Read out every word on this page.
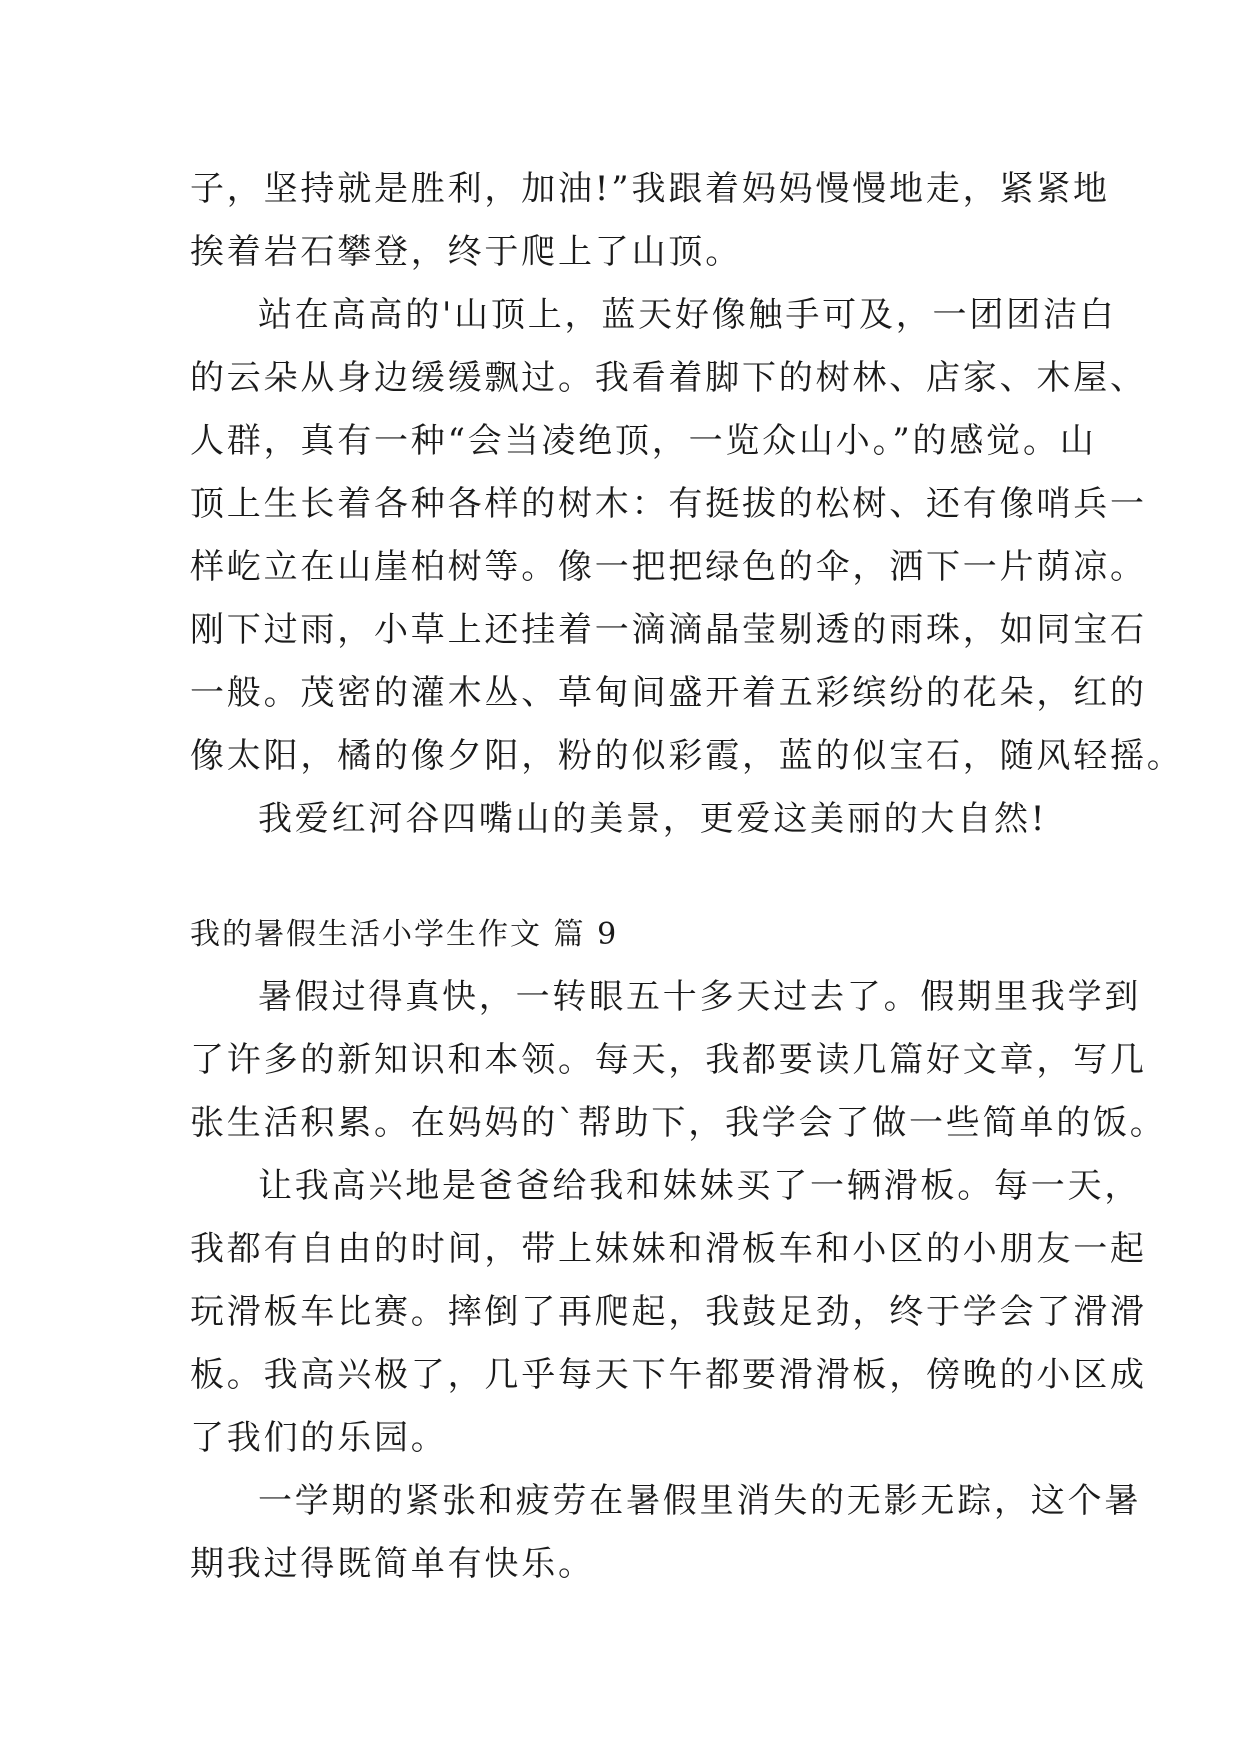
子，坚持就是胜利，加油!”我跟着妈妈慢慢地走，紧紧地
挨着岩石攀登，终于爬上了山顶。
站在高高的'山顶上，蓝天好像触手可及，一团团洁白
的云朵从身边缓缓飘过。我看着脚下的树林、店家、木屋、
人群，真有一种“会当凌绝顶，一览众山小。”的感觉。山
顶上生长着各种各样的树木：有挺拔的松树、还有像哨兵一
样屹立在山崖柏树等。像一把把绿色的伞，洒下一片荫凉。
刚下过雨，小草上还挂着一滴滴晶莹剔透的雨珠，如同宝石
一般。茂密的灌木丛、草甸间盛开着五彩缤纷的花朵，红的
像太阳，橘的像夕阳，粉的似彩霞，蓝的似宝石，随风轻摇。
我爱红河谷四嘴山的美景，更爱这美丽的大自然!
我的暑假生活小学生作文 篇 9
暑假过得真快，一转眼五十多天过去了。假期里我学到
了许多的新知识和本领。每天，我都要读几篇好文章，写几
张生活积累。在妈妈的`帮助下，我学会了做一些简单的饭。
让我高兴地是爸爸给我和妹妹买了一辆滑板。每一天，
我都有自由的时间，带上妹妹和滑板车和小区的小朋友一起
玩滑板车比赛。摔倒了再爬起，我鼓足劲，终于学会了滑滑
板。我高兴极了，几乎每天下午都要滑滑板，傍晚的小区成
了我们的乐园。
一学期的紧张和疲劳在暑假里消失的无影无踪，这个暑
期我过得既简单有快乐。
